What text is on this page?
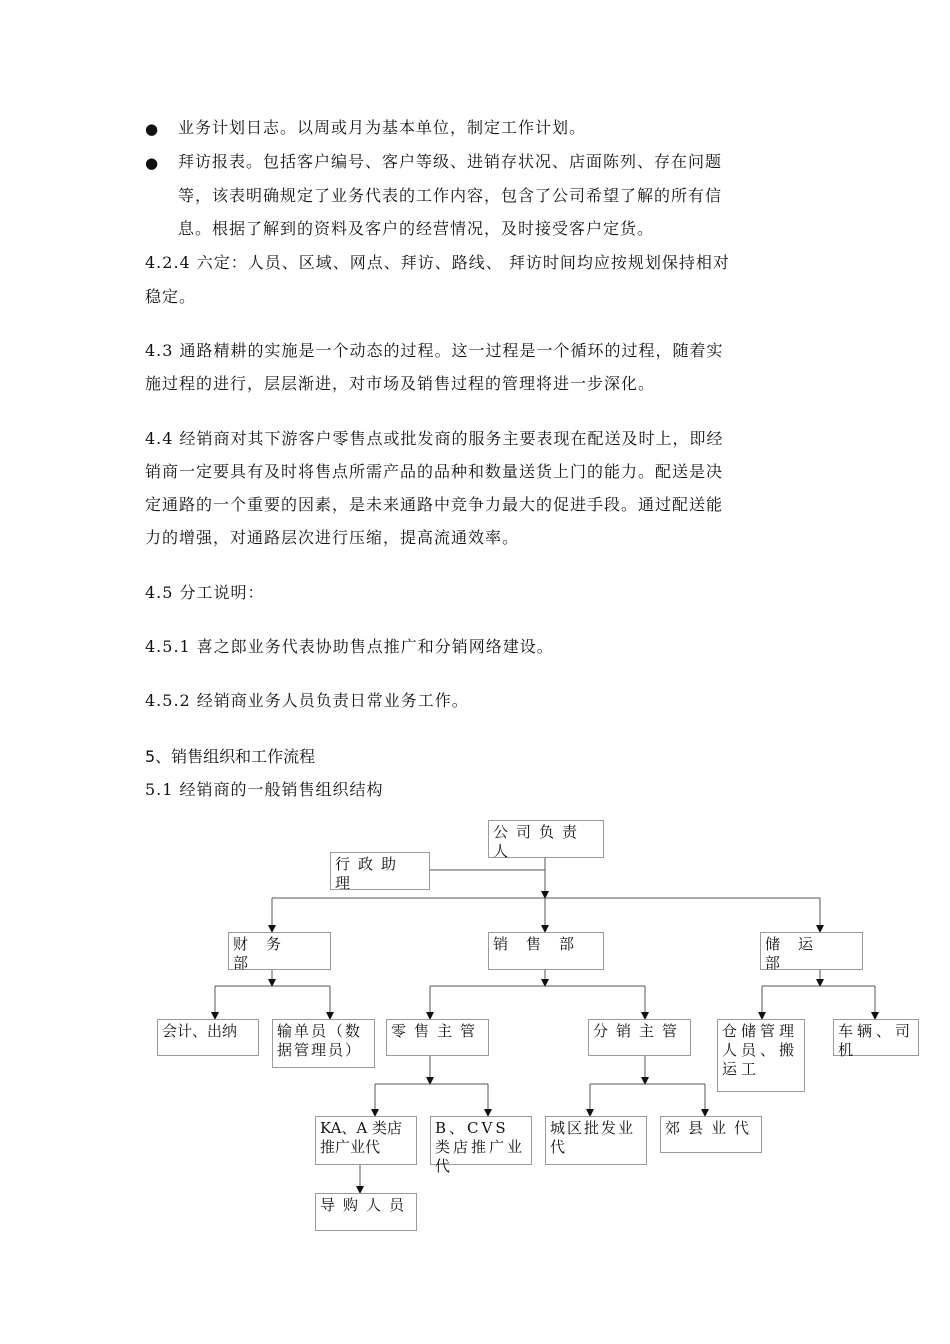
● 业务计划日志。以周或月为基本单位，制定工作计划。
● 拜访报表。包括客户编号、客户等级、进销存状况、店面陈列、存在问题
等，该表明确规定了业务代表的工作内容，包含了公司希望了解的所有信
息。根据了解到的资料及客户的经营情况，及时接受客户定货。
4.2.4 六定：人员、区域、网点、拜访、路线、 拜访时间均应按规划保持相对
稳定。
4.3 通路精耕的实施是一个动态的过程。这一过程是一个循环的过程，随着实
施过程的进行，层层渐进，对市场及销售过程的管理将进一步深化。
4.4 经销商对其下游客户零售点或批发商的服务主要表现在配送及时上，即经
销商一定要具有及时将售点所需产品的品种和数量送货上门的能力。配送是决
定通路的一个重要的因素，是未来通路中竞争力最大的促进手段。通过配送能
力的增强，对通路层次进行压缩，提高流通效率。
4.5 分工说明：
4.5.1 喜之郎业务代表协助售点推广和分销网络建设。
4.5.2 经销商业务人员负责日常业务工作。
5、销售组织和工作流程
5.1 经销商的一般销售组织结构
公司负责人
行政助理
财务部
销售部	储运部
会计、出纳	输单员（数据管理员）
零售主管	分销主管	仓储管理人员、搬运工
车辆、司机
KA、A 类店推广业代
B、CVS 类店推广业代
城区批发业代
郊县业代
导购人员
